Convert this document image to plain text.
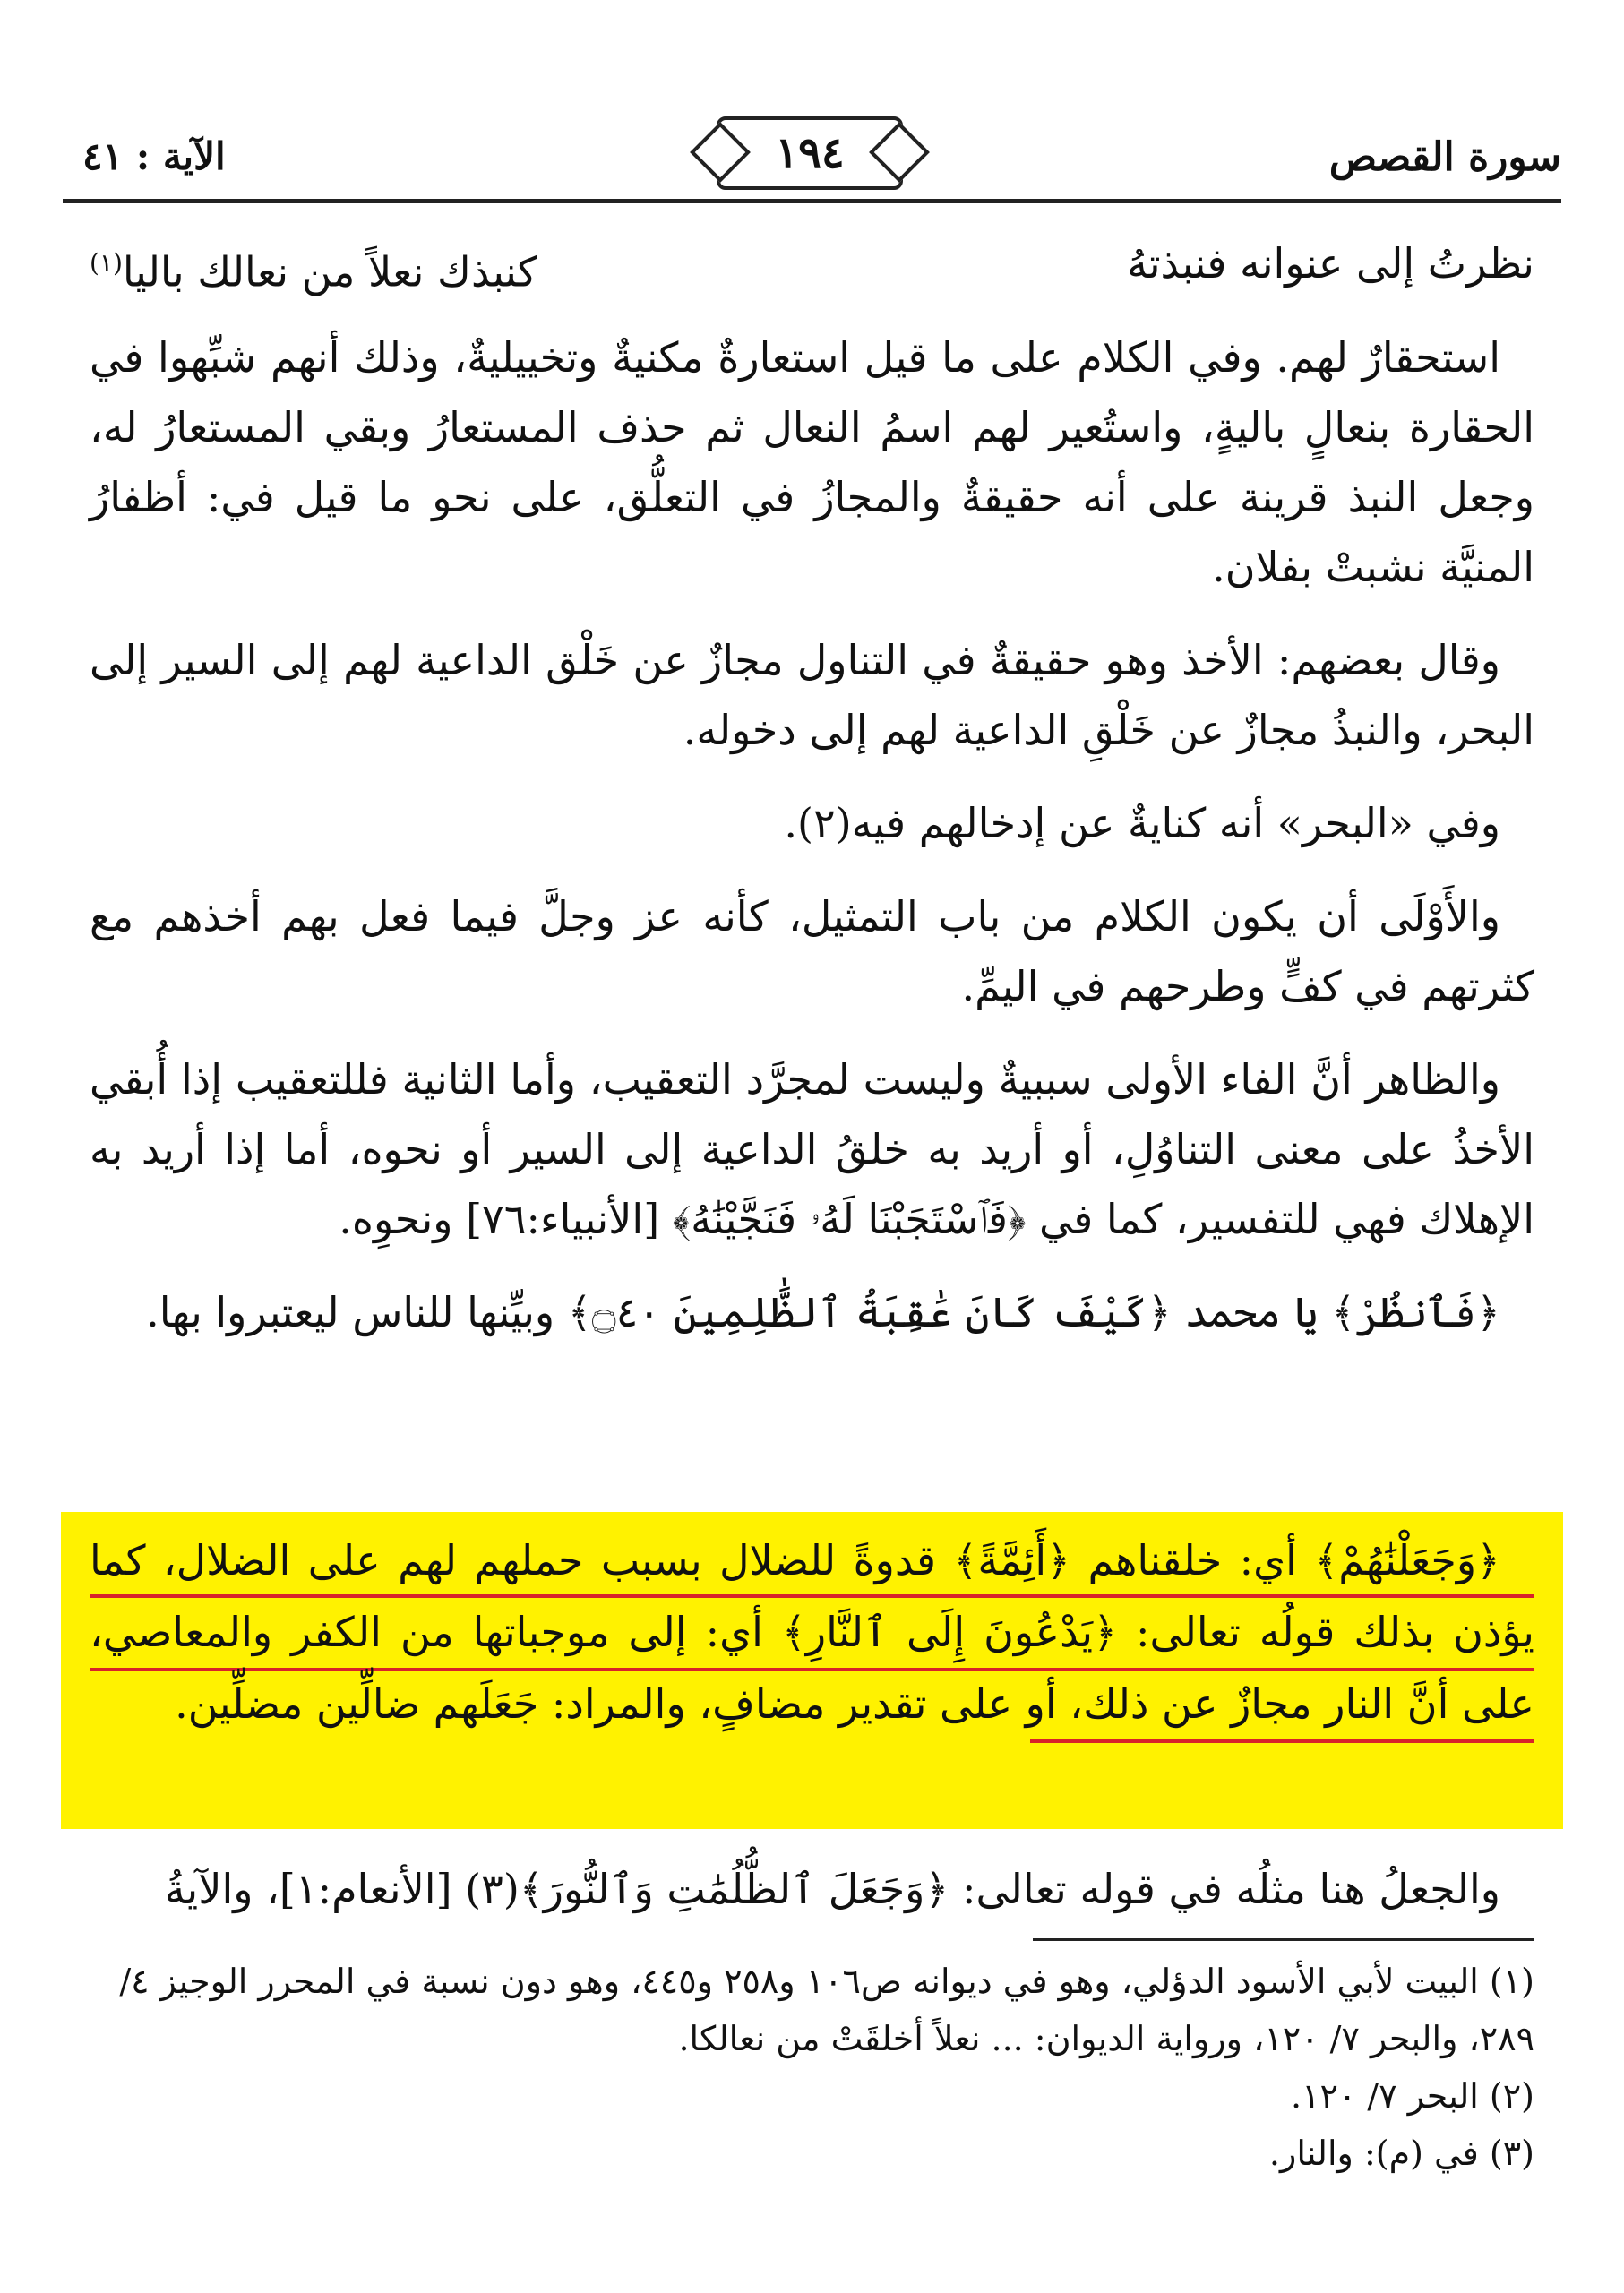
سورة القصص
١٩٤
الآية : ٤١
نظرتُ إلى عنوانه فنبذتهُ
كنبذك نعلاً من نعالك باليا$^{(١)}$

استحقارٌ لهم. وفي الكلام على ما قيل استعارةٌ مكنيةٌ وتخييليةٌ، وذلك أنهم شبِّهوا في الحقارة بنعالٍ باليةٍ، واستُعير لهم اسمُ النعال ثم حذف المستعارُ وبقي المستعارُ له، وجعل النبذ قرينة على أنه حقيقةٌ والمجازُ في التعلُّق، على نحو ما قيل في: أظفارُ المنيَّة نشبتْ بفلان.

وقال بعضهم: الأخذ وهو حقيقةٌ في التناول مجازٌ عن خَلْق الداعية لهم إلى السير إلى البحر، والنبذُ مجازٌ عن خَلْقِ الداعية لهم إلى دخوله.

وفي «البحر» أنه كنايةٌ عن إدخالهم فيه(٢).

والأَوْلَى أن يكون الكلام من باب التمثيل، كأنه عز وجلَّ فيما فعل بهم أخذهم مع كثرتهم في كفٍّ وطرحهم في اليمِّ.

والظاهر أنَّ الفاء الأولى سببيةٌ وليست لمجرَّد التعقيب، وأما الثانية فللتعقيب إذا أُبقي الأخذُ على معنى التناوُلِ، أو أريد به خلقُ الداعية إلى السير أو نحوه، أما إذا أريد به الإهلاك فهي للتفسير، كما في ﴿فَٱسْتَجَبْنَا لَهُۥ فَنَجَّيْنَٰهُ﴾ [الأنبياء:٧٦] ونحوِه.

﴿فَٱنظُرْ﴾ يا محمد ﴿كَيْفَ كَانَ عَٰقِبَةُ ٱلظَّٰلِمِينَ ۝٤٠﴾ وبيِّنها للناس ليعتبروا بها.

﴿وَجَعَلْنَٰهُمْ﴾ أي: خلقناهم ﴿أَئِمَّةً﴾ قدوةً للضلال بسبب حملهم لهم على الضلال، كما يؤذن بذلك قولُه تعالى: ﴿يَدْعُونَ إِلَى ٱلنَّارِ﴾ أي: إلى موجباتها من الكفر والمعاصي، على أنَّ النار مجازٌ عن ذلك، أو على تقدير مضافٍ، والمراد: جَعَلَهم ضالِّين مضلِّين.

والجعلُ هنا مثلُه في قوله تعالى: ﴿وَجَعَلَ ٱلظُّلُمَٰتِ وَٱلنُّورَ﴾(٣) [الأنعام:١]، والآيةُ

(١) البيت لأبي الأسود الدؤلي، وهو في ديوانه ص١٠٦ و٢٥٨ و٤٤٥، وهو دون نسبة في المحرر الوجيز ٤/ ٢٨٩، والبحر ٧/ ١٢٠، ورواية الديوان: ... نعلاً أخلقَتْ من نعالكا.

(٢) البحر ٧/ ١٢٠.

(٣) في (م): والنار.
